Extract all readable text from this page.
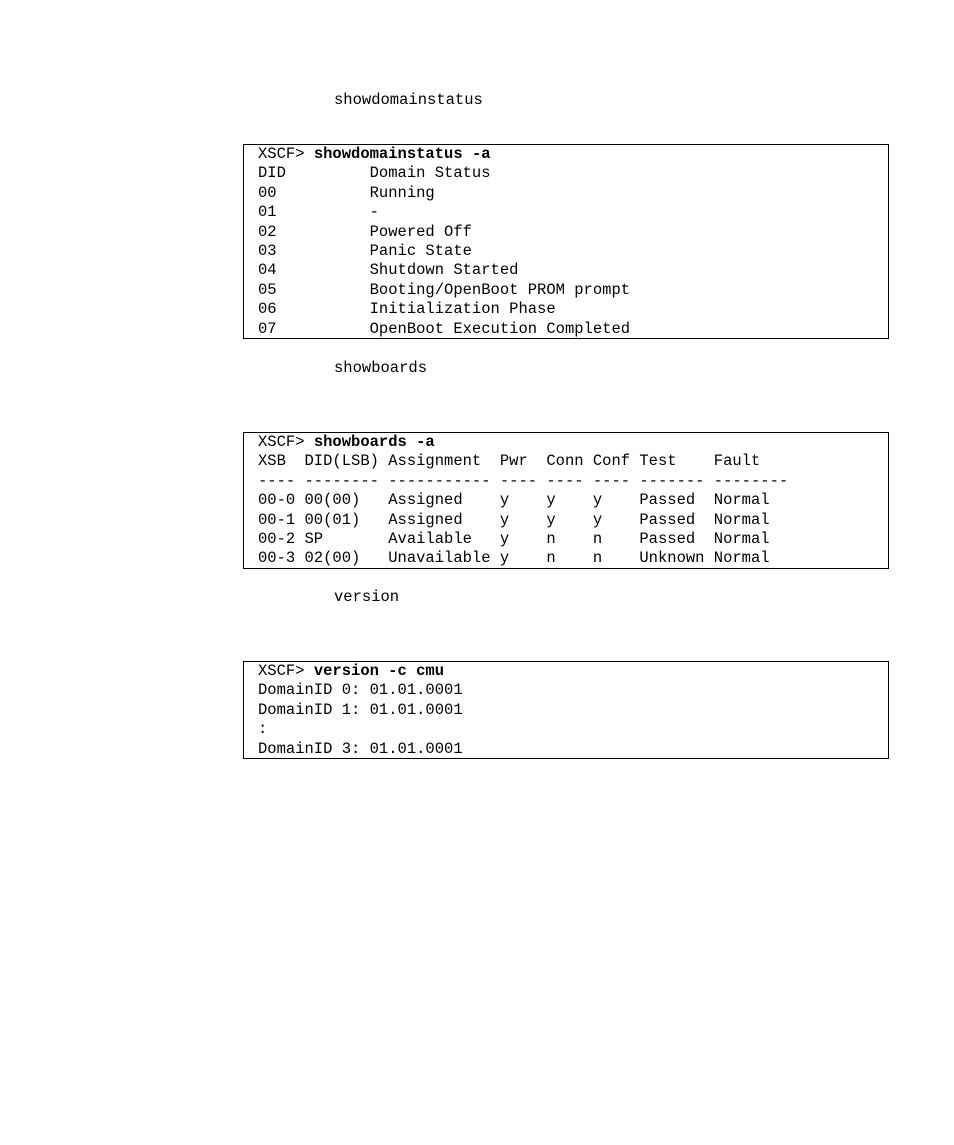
showdomainstatus

XSCF> showdomainstatus -a
DID         Domain Status
00          Running
01          -
02          Powered Off
03          Panic State
04          Shutdown Started
05          Booting/OpenBoot PROM prompt
06          Initialization Phase
07          OpenBoot Execution Completed

showboards

XSCF> showboards -a
XSB  DID(LSB) Assignment  Pwr  Conn Conf Test    Fault
---- -------- ----------- ---- ---- ---- ------- --------
00-0 00(00)   Assigned    y    y    y    Passed  Normal
00-1 00(01)   Assigned    y    y    y    Passed  Normal
00-2 SP       Available   y    n    n    Passed  Normal
00-3 02(00)   Unavailable y    n    n    Unknown Normal

version

XSCF> version -c cmu
DomainID 0: 01.01.0001
DomainID 1: 01.01.0001
:
DomainID 3: 01.01.0001
